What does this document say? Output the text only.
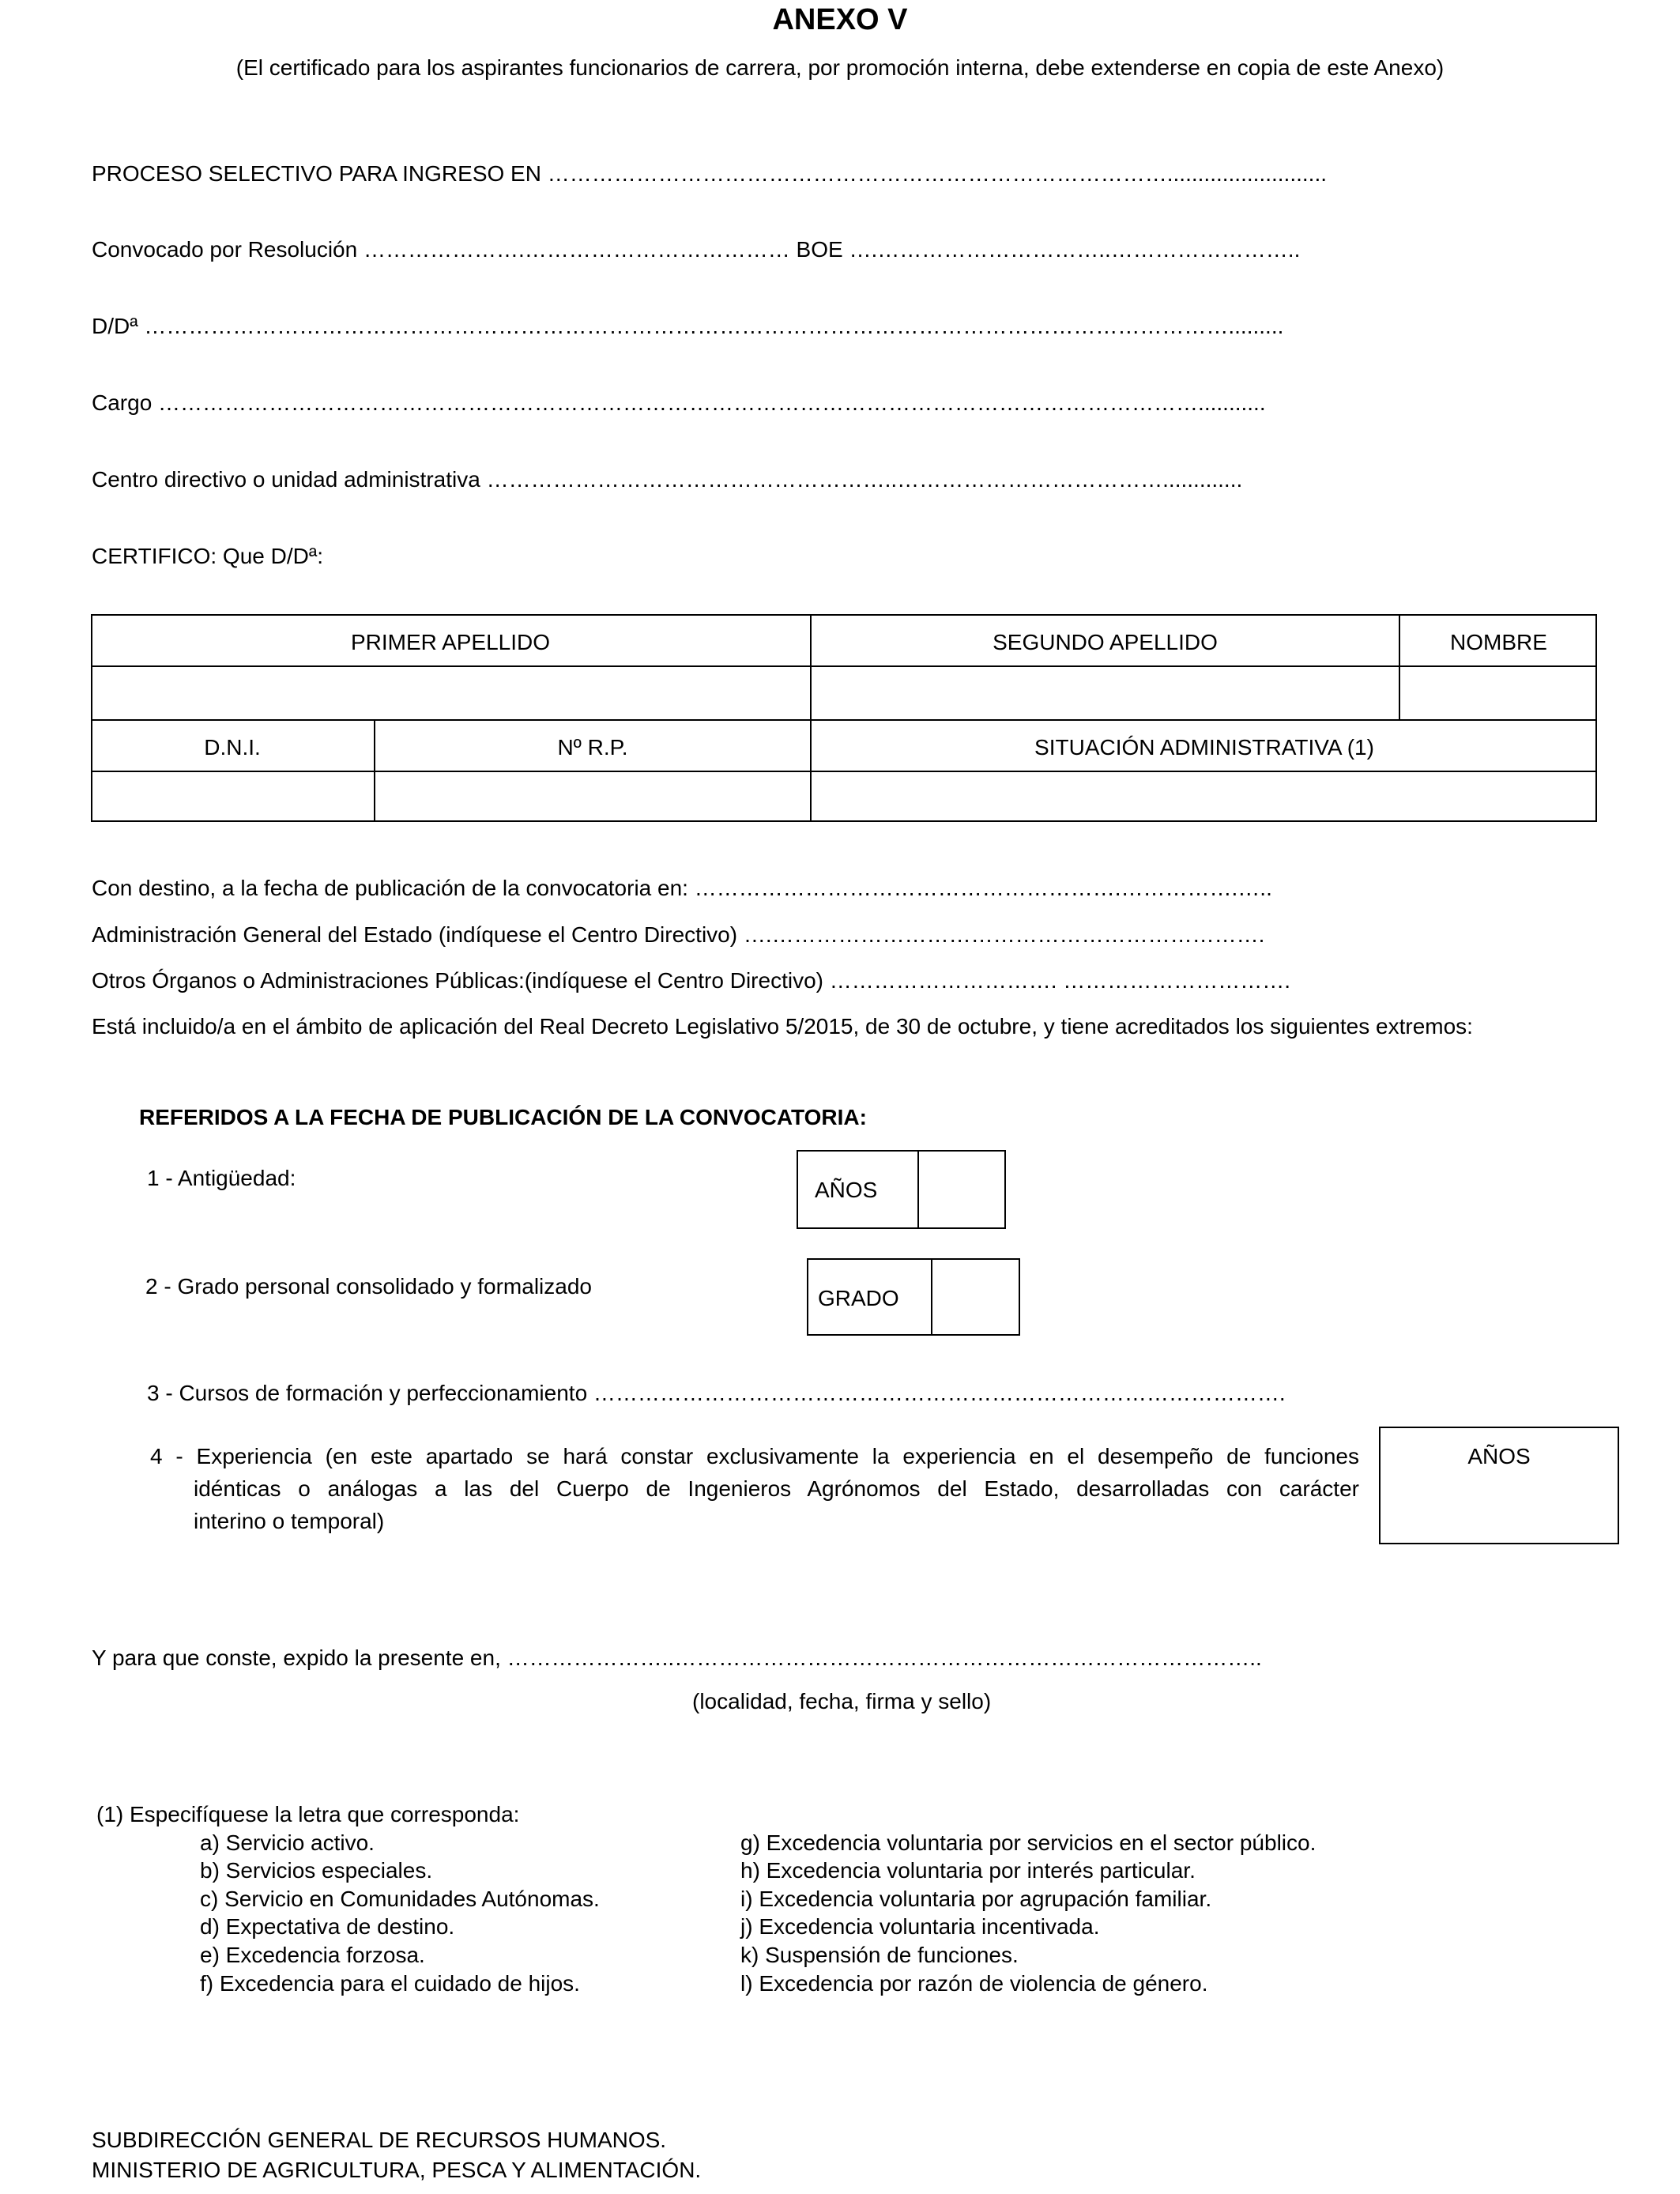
ANEXO V
(El certificado para los aspirantes funcionarios de carrera, por promoción interna, debe extenderse en copia de este Anexo)
PROCESO SELECTIVO PARA INGRESO EN …………………………………………………………………………..........................
Convocado por Resolución ………………….……………………………… BOE ….…………………………..……………………..
D/Dª ………………………………………………………………………………………………………………………………….........
Cargo ……………………………………………………………………………………………………………………………...........
Centro directivo o unidad administrativa ………………………………………………..……………………………….............
CERTIFICO: Que D/Dª:
PRIMER APELLIDO	SEGUNDO APELLIDO	NOMBRE
D.N.I.	Nº R.P.	SITUACIÓN ADMINISTRATIVA (1)
Con destino, a la fecha de publicación de la convocatoria en: ………………………………………………….…………….…..
Administración General del Estado (indíquese el Centro Directivo) ….………………………………………………………….
Otros Órganos o Administraciones Públicas:(indíquese el Centro Directivo) …………………………. ………………………….
Está incluido/a en el ámbito de aplicación del Real Decreto Legislativo 5/2015, de 30 de octubre, y tiene acreditados los siguientes extremos:
REFERIDOS A LA FECHA DE PUBLICACIÓN DE LA CONVOCATORIA:
1 - Antigüedad:	AÑOS
2 - Grado personal consolidado y formalizado	GRADO
3 - Cursos de formación y perfeccionamiento ………………………………………………………………………………….
4 - Experiencia (en este apartado se hará constar exclusivamente la experiencia en el desempeño de funciones
idénticas o análogas a las del Cuerpo de Ingenieros Agrónomos del Estado, desarrolladas con carácter
interino o temporal)
AÑOS
Y para que conste, expido la presente en, …………………..……………………………………………………………………..
(localidad, fecha, firma y sello)
(1) Especifíquese la letra que corresponda:
a) Servicio activo.
b) Servicios especiales.
c) Servicio en Comunidades Autónomas.
d) Expectativa de destino.
e) Excedencia forzosa.
f) Excedencia para el cuidado de hijos.
g) Excedencia voluntaria por servicios en el sector público.
h) Excedencia voluntaria por interés particular.
i) Excedencia voluntaria por agrupación familiar.
j) Excedencia voluntaria incentivada.
k) Suspensión de funciones.
l) Excedencia por razón de violencia de género.
SUBDIRECCIÓN GENERAL DE RECURSOS HUMANOS.
MINISTERIO DE AGRICULTURA, PESCA Y ALIMENTACIÓN.
